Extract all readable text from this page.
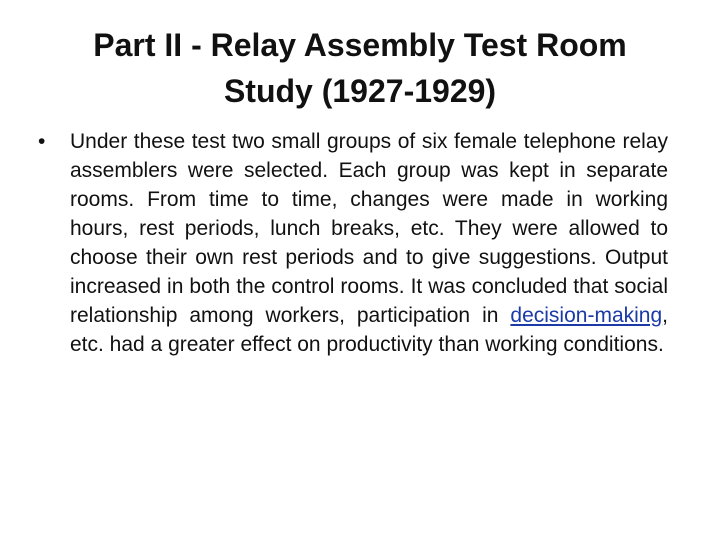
Part II - Relay Assembly Test Room
Study (1927-1929)
•	Under these test two small groups of six female telephone relay assemblers were selected. Each group was kept in separate rooms. From time to time, changes were made in working hours, rest periods, lunch breaks, etc. They were allowed to choose their own rest periods and to give suggestions. Output increased in both the control rooms. It was concluded that social relationship among workers, participation in decision-making, etc. had a greater effect on productivity than working conditions.
